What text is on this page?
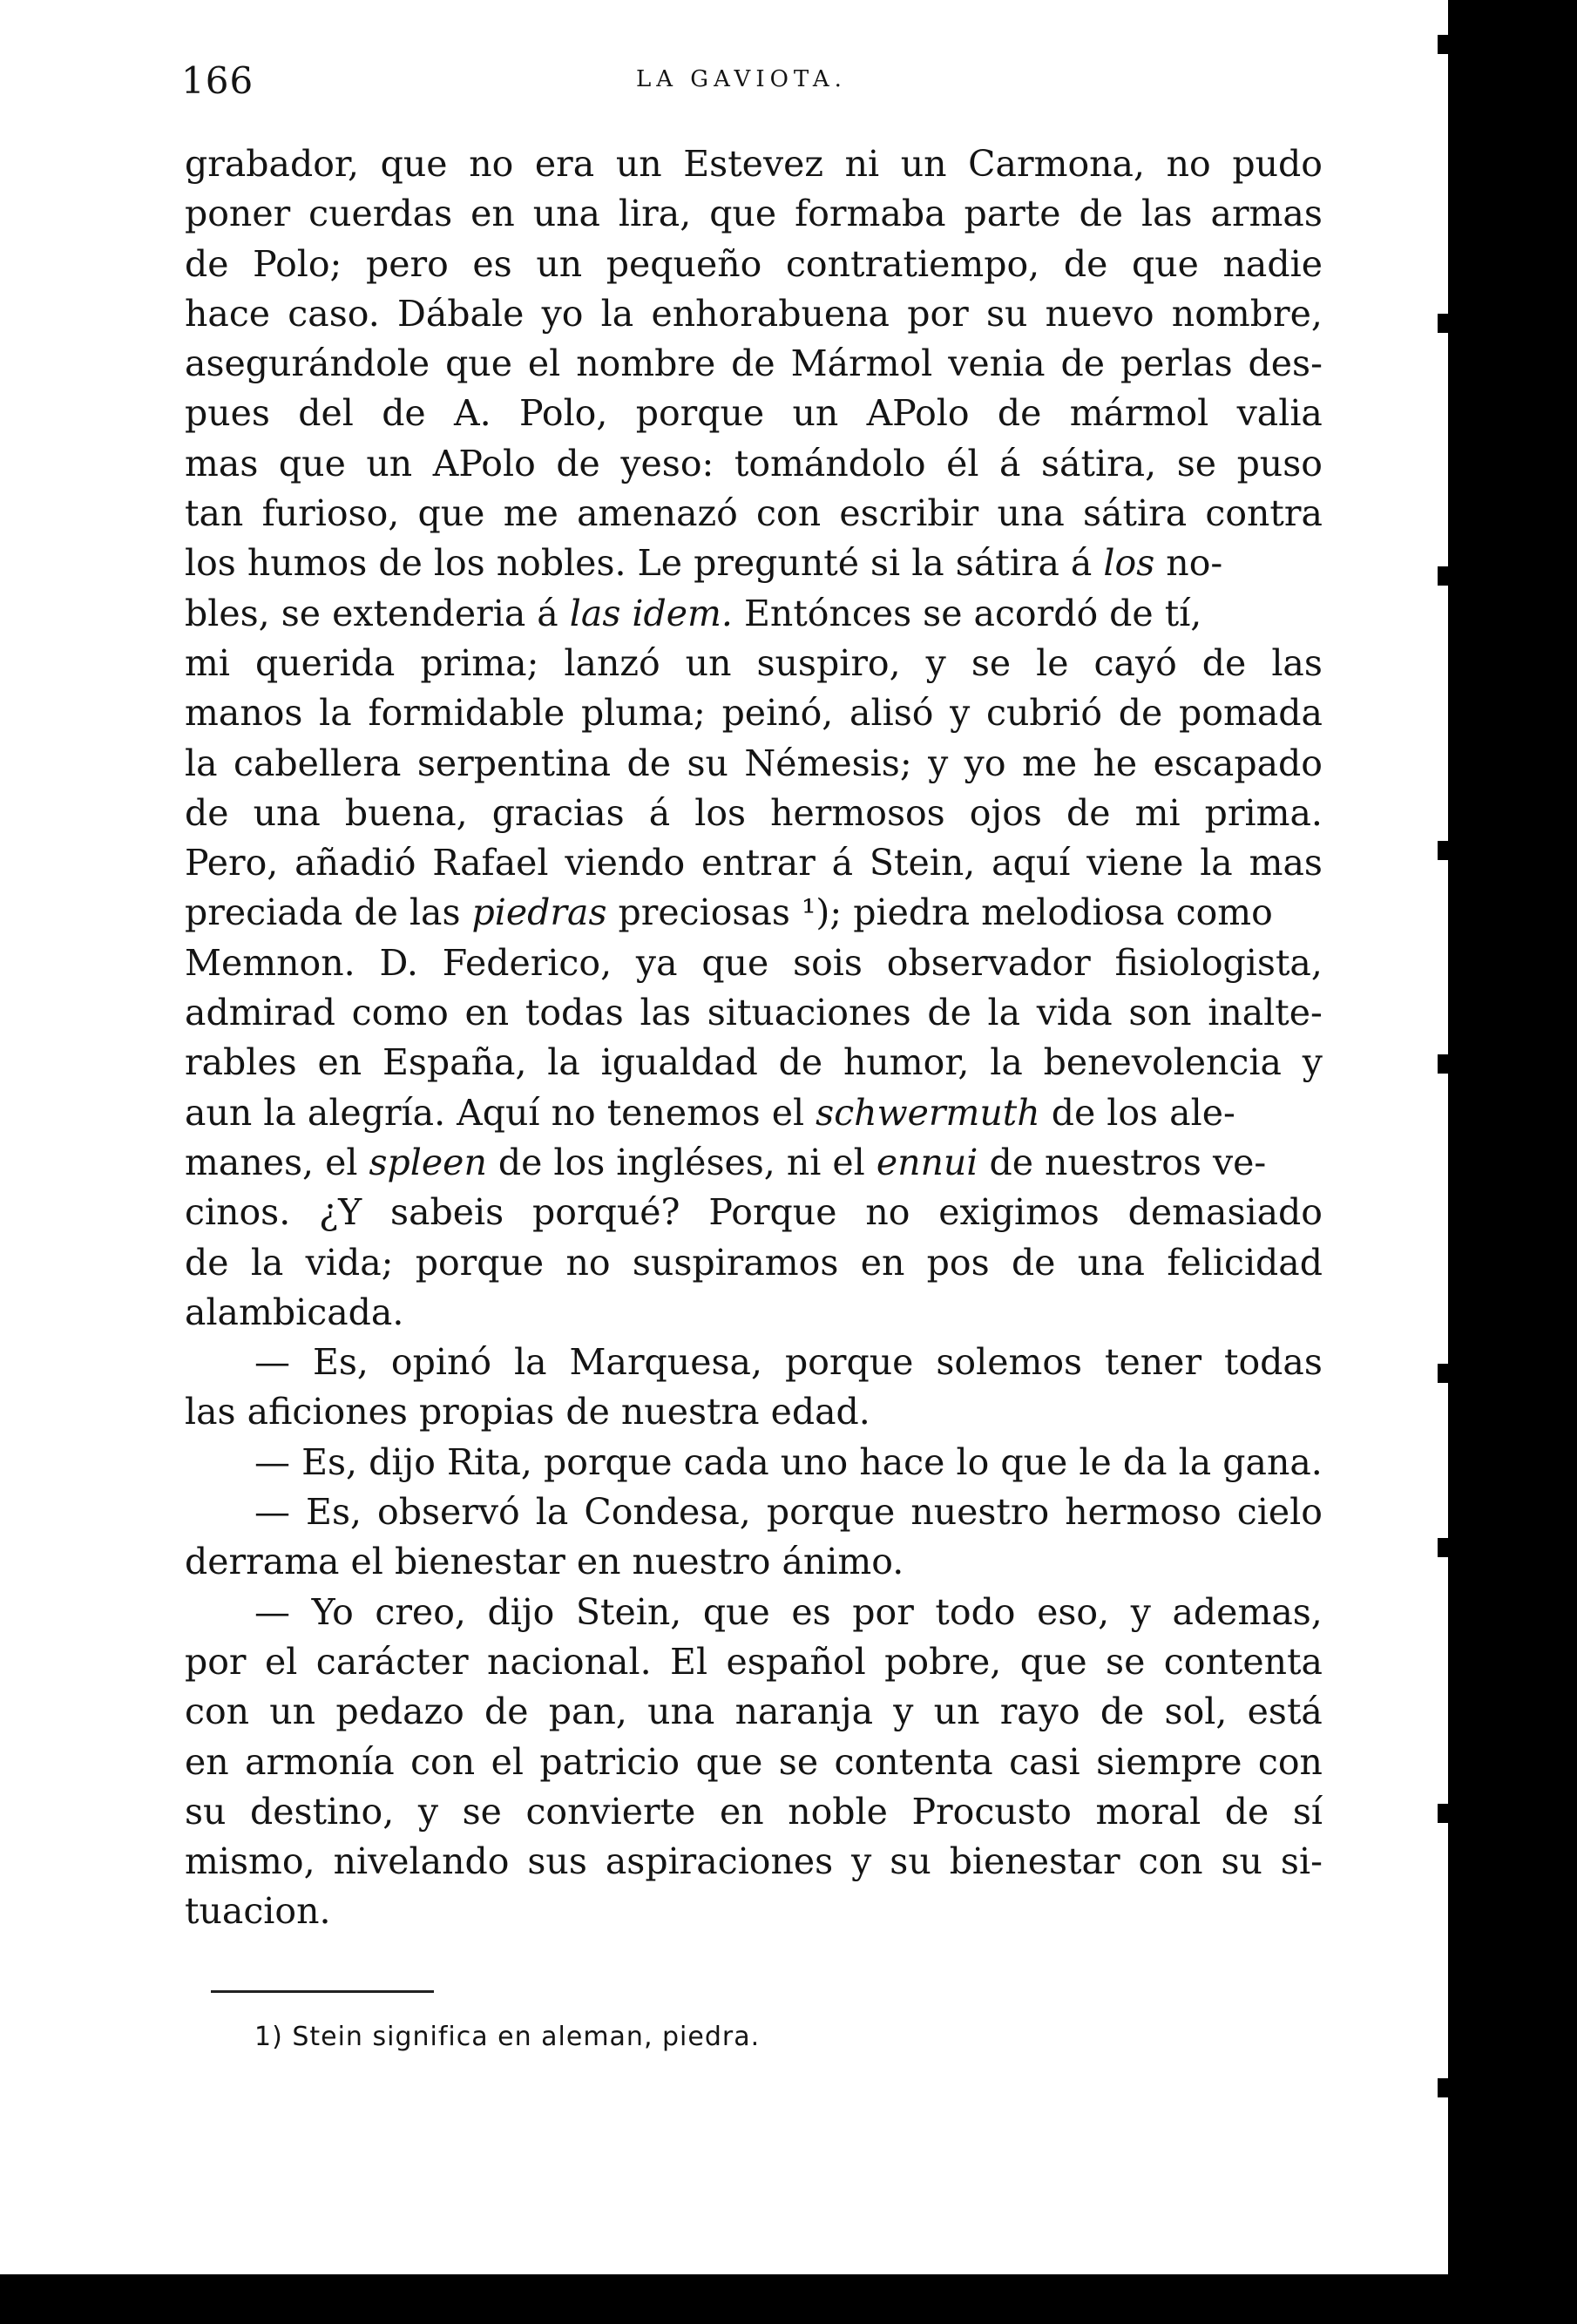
166	LA GAVIOTA.
grabador, que no era un Estevez ni un Carmona, no pudo
poner cuerdas en una lira, que formaba parte de las armas
de Polo; pero es un pequeño contratiempo, de que nadie
hace caso. Dábale yo la enhorabuena por su nuevo nombre,
asegurándole que el nombre de Mármol venia de perlas des-
pues del de A. Polo, porque un APolo de mármol valia
mas que un APolo de yeso: tomándolo él á sátira, se puso
tan furioso, que me amenazó con escribir una sátira contra
los humos de los nobles. Le pregunté si la sátira á los no-
bles, se extenderia á las idem. Entónces se acordó de tí,
mi querida prima; lanzó un suspiro, y se le cayó de las
manos la formidable pluma; peinó, alisó y cubrió de pomada
la cabellera serpentina de su Némesis; y yo me he escapado
de una buena, gracias á los hermosos ojos de mi prima.
Pero, añadió Rafael viendo entrar á Stein, aquí viene la mas
preciada de las piedras preciosas ¹); piedra melodiosa como
Memnon. D. Federico, ya que sois observador fisiologista,
admirad como en todas las situaciones de la vida son inalte-
rables en España, la igualdad de humor, la benevolencia y
aun la alegría. Aquí no tenemos el schwermuth de los ale-
manes, el spleen de los ingléses, ni el ennui de nuestros ve-
cinos. ¿Y sabeis porqué? Porque no exigimos demasiado
de la vida; porque no suspiramos en pos de una felicidad
alambicada.
— Es, opinó la Marquesa, porque solemos tener todas
las aficiones propias de nuestra edad.
— Es, dijo Rita, porque cada uno hace lo que le da la gana.
— Es, observó la Condesa, porque nuestro hermoso cielo
derrama el bienestar en nuestro ánimo.
— Yo creo, dijo Stein, que es por todo eso, y ademas,
por el carácter nacional. El español pobre, que se contenta
con un pedazo de pan, una naranja y un rayo de sol, está
en armonía con el patricio que se contenta casi siempre con
su destino, y se convierte en noble Procusto moral de sí
mismo, nivelando sus aspiraciones y su bienestar con su si-
tuacion.
1) Stein significa en aleman, piedra.
